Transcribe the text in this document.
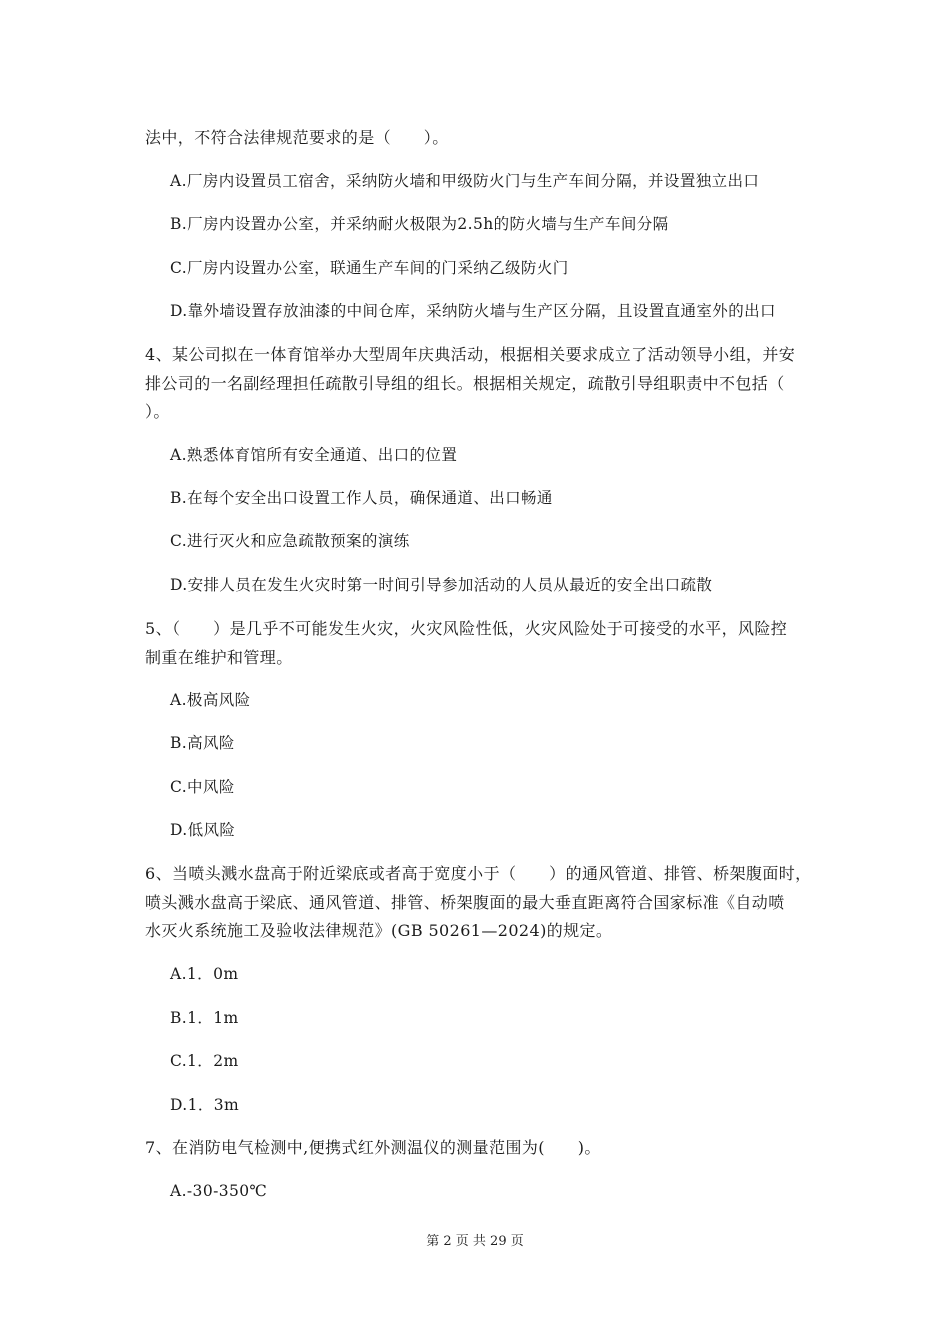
法中，不符合法律规范要求的是（　　）。
A.厂房内设置员工宿舍，采纳防火墙和甲级防火门与生产车间分隔，并设置独立出口
B.厂房内设置办公室，并采纳耐火极限为2.5h的防火墙与生产车间分隔
C.厂房内设置办公室，联通生产车间的门采纳乙级防火门
D.靠外墙设置存放油漆的中间仓库，采纳防火墙与生产区分隔，且设置直通室外的出口
4、某公司拟在一体育馆举办大型周年庆典活动，根据相关要求成立了活动领导小组，并安
排公司的一名副经理担任疏散引导组的组长。根据相关规定，疏散引导组职责中不包括（
）。
A.熟悉体育馆所有安全通道、出口的位置
B.在每个安全出口设置工作人员，确保通道、出口畅通
C.进行灭火和应急疏散预案的演练
D.安排人员在发生火灾时第一时间引导参加活动的人员从最近的安全出口疏散
5、（　　）是几乎不可能发生火灾，火灾风险性低，火灾风险处于可接受的水平，风险控
制重在维护和管理。
A.极高风险
B.高风险
C.中风险
D.低风险
6、当喷头溅水盘高于附近梁底或者高于宽度小于（　　）的通风管道、排管、桥架腹面时，
喷头溅水盘高于梁底、通风管道、排管、桥架腹面的最大垂直距离符合国家标准《自动喷
水灭火系统施工及验收法律规范》(GB 50261—2024)的规定。
A.1．0m
B.1．1m
C.1．2m
D.1．3m
7、在消防电气检测中,便携式红外测温仪的测量范围为(　　)。
A.-30-350℃
第 2 页 共 29 页
